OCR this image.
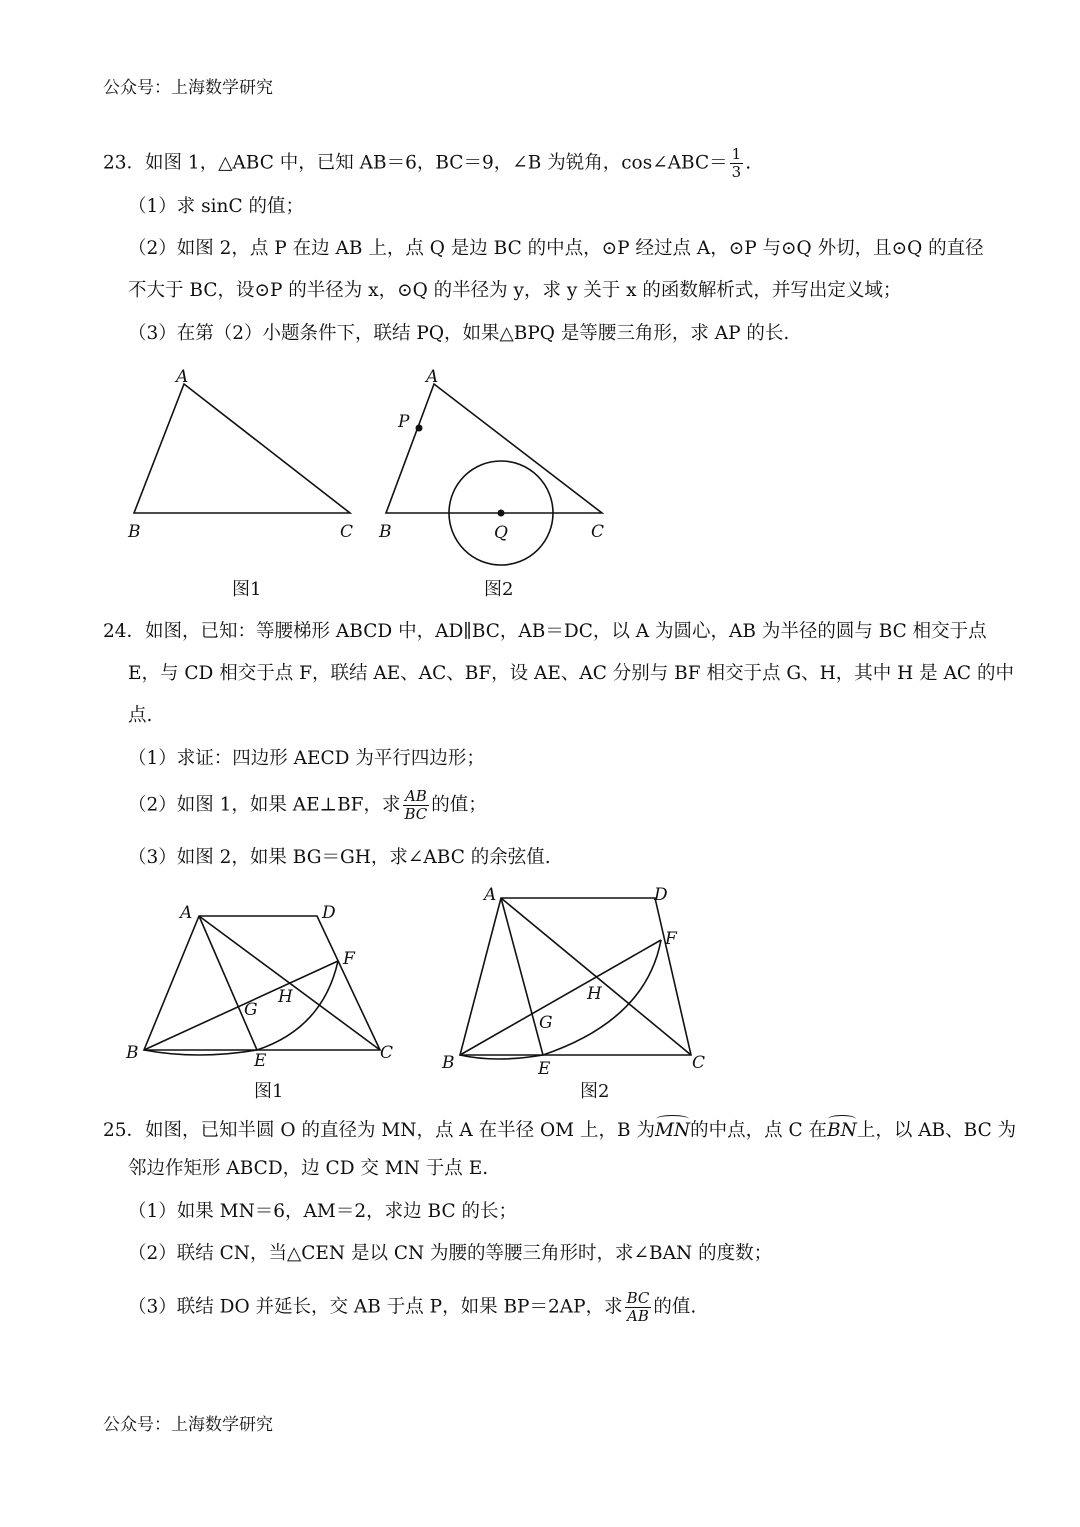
公众号：上海数学研究
23．如图 1，△ABC 中，已知 AB＝6，BC＝9，∠B 为锐角，cos∠ABC＝ $\frac{1}{3}$ .
（1）求 sinC 的值；
（2）如图 2，点 P 在边 AB 上，点 Q 是边 BC 的中点，⊙P 经过点 A，⊙P 与⊙Q 外切，且⊙Q 的直径
不大于 BC，设⊙P 的半径为 x，⊙Q 的半径为 y，求 y 关于 x 的函数解析式，并写出定义域；
（3）在第（2）小题条件下，联结 PQ，如果△BPQ 是等腰三角形，求 AP 的长.
A
B	C
图1
A
P
B	Q	C
图2
24．如图，已知：等腰梯形 ABCD 中，AD∥BC，AB＝DC，以 A 为圆心，AB 为半径的圆与 BC 相交于点
E，与 CD 相交于点 F，联结 AE、AC、BF，设 AE、AC 分别与 BF 相交于点 G、H，其中 H 是 AC 的中
点.
（1）求证：四边形 AECD 为平行四边形；
（2）如图 1，如果 AE⊥BF，求 $\frac{AB}{BC}$ 的值；
（3）如图 2，如果 BG＝GH，求∠ABC 的余弦值.
A	D
F
H
G
B	E	C
图1
A	D
F
H
G
B	E	C
图2
25．如图，已知半圆 O 的直径为 MN，点 A 在半径 OM 上，B 为MN的中点，点 C 在BN上，以 AB、BC 为
邻边作矩形 ABCD，边 CD 交 MN 于点 E.
（1）如果 MN＝6，AM＝2，求边 BC 的长；
（2）联结 CN，当△CEN 是以 CN 为腰的等腰三角形时，求∠BAN 的度数；
（3）联结 DO 并延长，交 AB 于点 P，如果 BP＝2AP，求 $\frac{BC}{AB}$ 的值.
公众号：上海数学研究
